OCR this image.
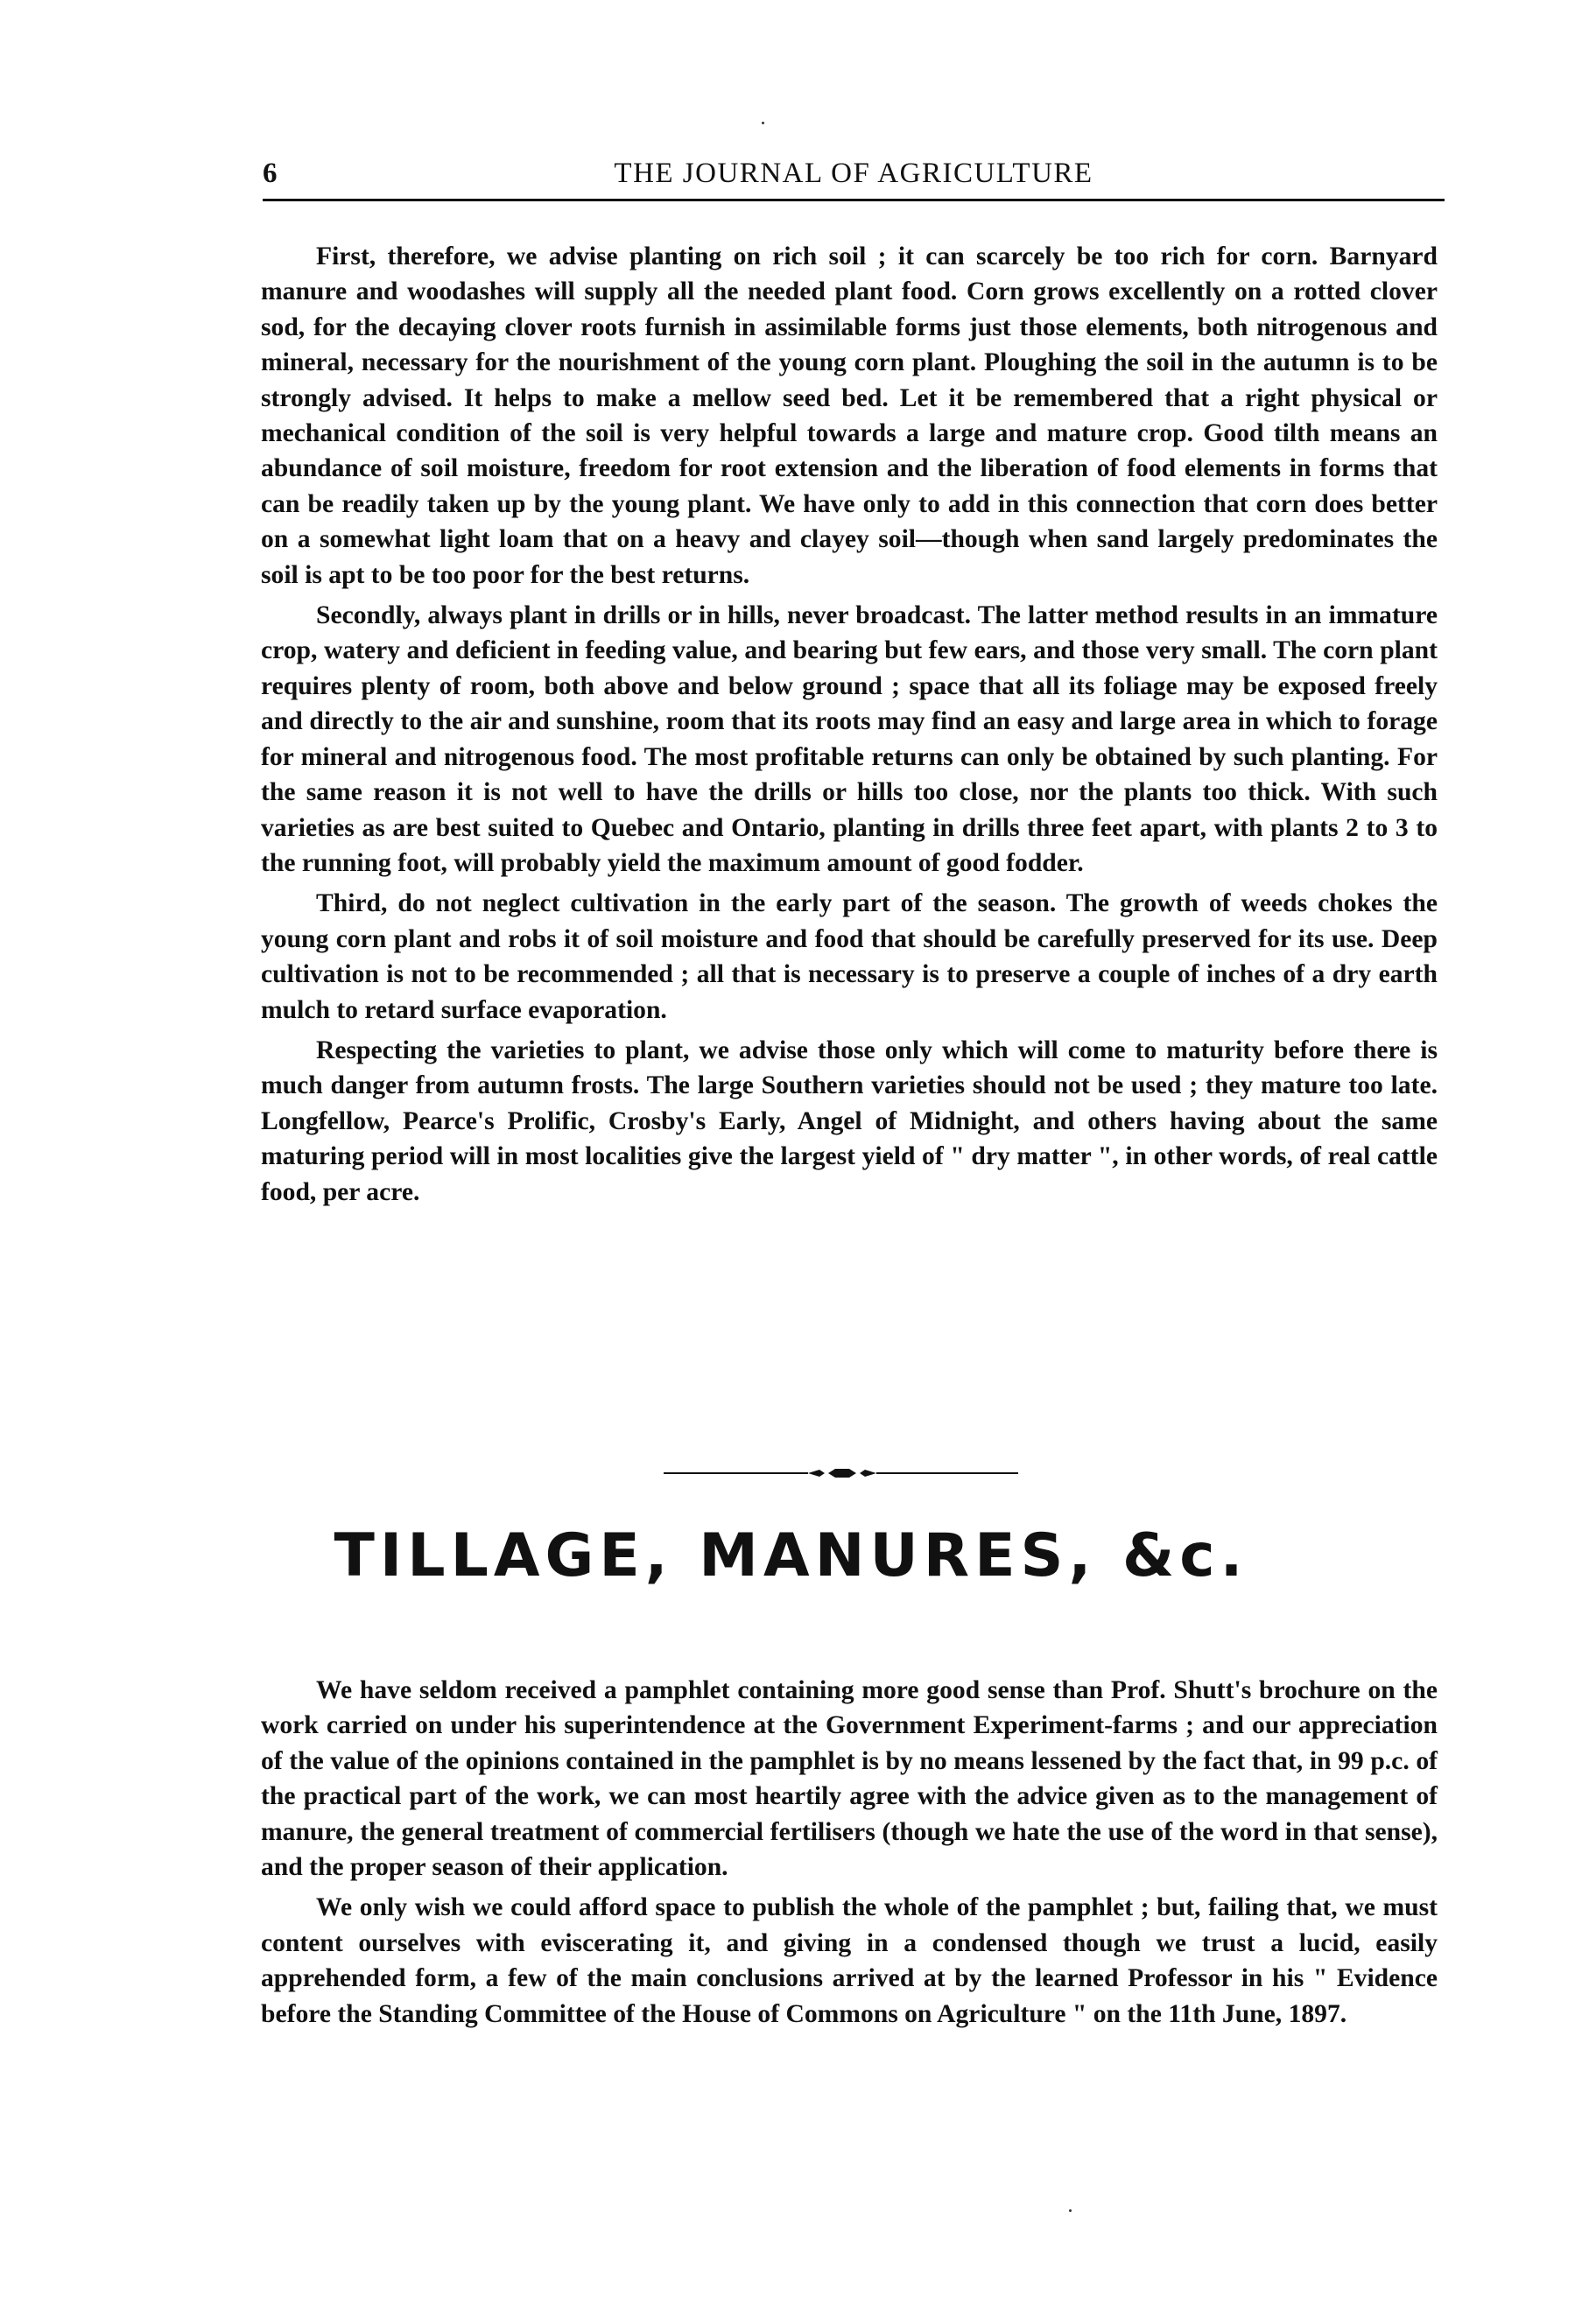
6	THE JOURNAL OF AGRICULTURE

First, therefore, we advise planting on rich soil ; it can scarcely be too rich for corn. Barnyard manure and woodashes will supply all the needed plant food. Corn grows excellently on a rotted clover sod, for the decaying clover roots furnish in assimilable forms just those elements, both nitrogenous and mineral, necessary for the nourishment of the young corn plant. Ploughing the soil in the autumn is to be strongly advised. It helps to make a mellow seed bed. Let it be remembered that a right physical or mechanical condition of the soil is very helpful towards a large and mature crop. Good tilth means an abundance of soil moisture, freedom for root extension and the liberation of food elements in forms that can be readily taken up by the young plant. We have only to add in this connection that corn does better on a somewhat light loam that on a heavy and clayey soil—though when sand largely predominates the soil is apt to be too poor for the best returns.

Secondly, always plant in drills or in hills, never broadcast. The latter method results in an immature crop, watery and deficient in feeding value, and bearing but few ears, and those very small. The corn plant requires plenty of room, both above and below ground ; space that all its foliage may be exposed freely and directly to the air and sunshine, room that its roots may find an easy and large area in which to forage for mineral and nitrogenous food. The most profitable returns can only be obtained by such planting. For the same reason it is not well to have the drills or hills too close, nor the plants too thick. With such varieties as are best suited to Quebec and Ontario, planting in drills three feet apart, with plants 2 to 3 to the running foot, will probably yield the maximum amount of good fodder.

Third, do not neglect cultivation in the early part of the season. The growth of weeds chokes the young corn plant and robs it of soil moisture and food that should be carefully preserved for its use. Deep cultivation is not to be recommended ; all that is necessary is to preserve a couple of inches of a dry earth mulch to retard surface evaporation.

Respecting the varieties to plant, we advise those only which will come to maturity before there is much danger from autumn frosts. The large Southern varieties should not be used ; they mature too late. Longfellow, Pearce's Prolific, Crosby's Early, Angel of Midnight, and others having about the same maturing period will in most localities give the largest yield of " dry matter ", in other words, of real cattle food, per acre.

TILLAGE, MANURES, &c.

We have seldom received a pamphlet containing more good sense than Prof. Shutt's brochure on the work carried on under his superintendence at the Government Experiment-farms ; and our appreciation of the value of the opinions contained in the pamphlet is by no means lessened by the fact that, in 99 p.c. of the practical part of the work, we can most heartily agree with the advice given as to the management of manure, the general treatment of commercial fertilisers (though we hate the use of the word in that sense), and the proper season of their application.

We only wish we could afford space to publish the whole of the pamphlet ; but, failing that, we must content ourselves with eviscerating it, and giving in a condensed though we trust a lucid, easily apprehended form, a few of the main conclusions arrived at by the learned Professor in his " Evidence before the Standing Committee of the House of Commons on Agriculture " on the 11th June, 1897.
